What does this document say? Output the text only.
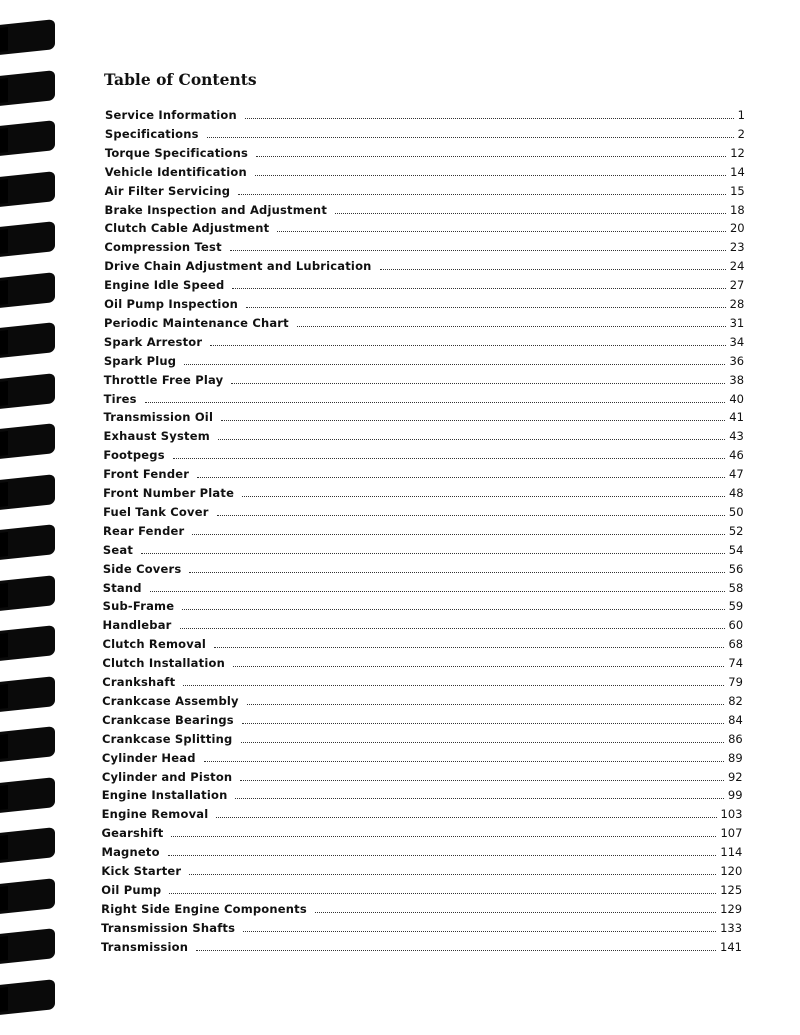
Table of Contents
Service Information	1
Specifications	2
Torque Specifications	12
Vehicle Identification	14
Air Filter Servicing	15
Brake Inspection and Adjustment	18
Clutch Cable Adjustment	20
Compression Test	23
Drive Chain Adjustment and Lubrication	24
Engine Idle Speed	27
Oil Pump Inspection	28
Periodic Maintenance Chart	31
Spark Arrestor	34
Spark Plug	36
Throttle Free Play	38
Tires	40
Transmission Oil	41
Exhaust System	43
Footpegs	46
Front Fender	47
Front Number Plate	48
Fuel Tank Cover	50
Rear Fender	52
Seat	54
Side Covers	56
Stand	58
Sub-Frame	59
Handlebar	60
Clutch Removal	68
Clutch Installation	74
Crankshaft	79
Crankcase Assembly	82
Crankcase Bearings	84
Crankcase Splitting	86
Cylinder Head	89
Cylinder and Piston	92
Engine Installation	99
Engine Removal	103
Gearshift	107
Magneto	114
Kick Starter	120
Oil Pump	125
Right Side Engine Components	129
Transmission Shafts	133
Transmission	141
